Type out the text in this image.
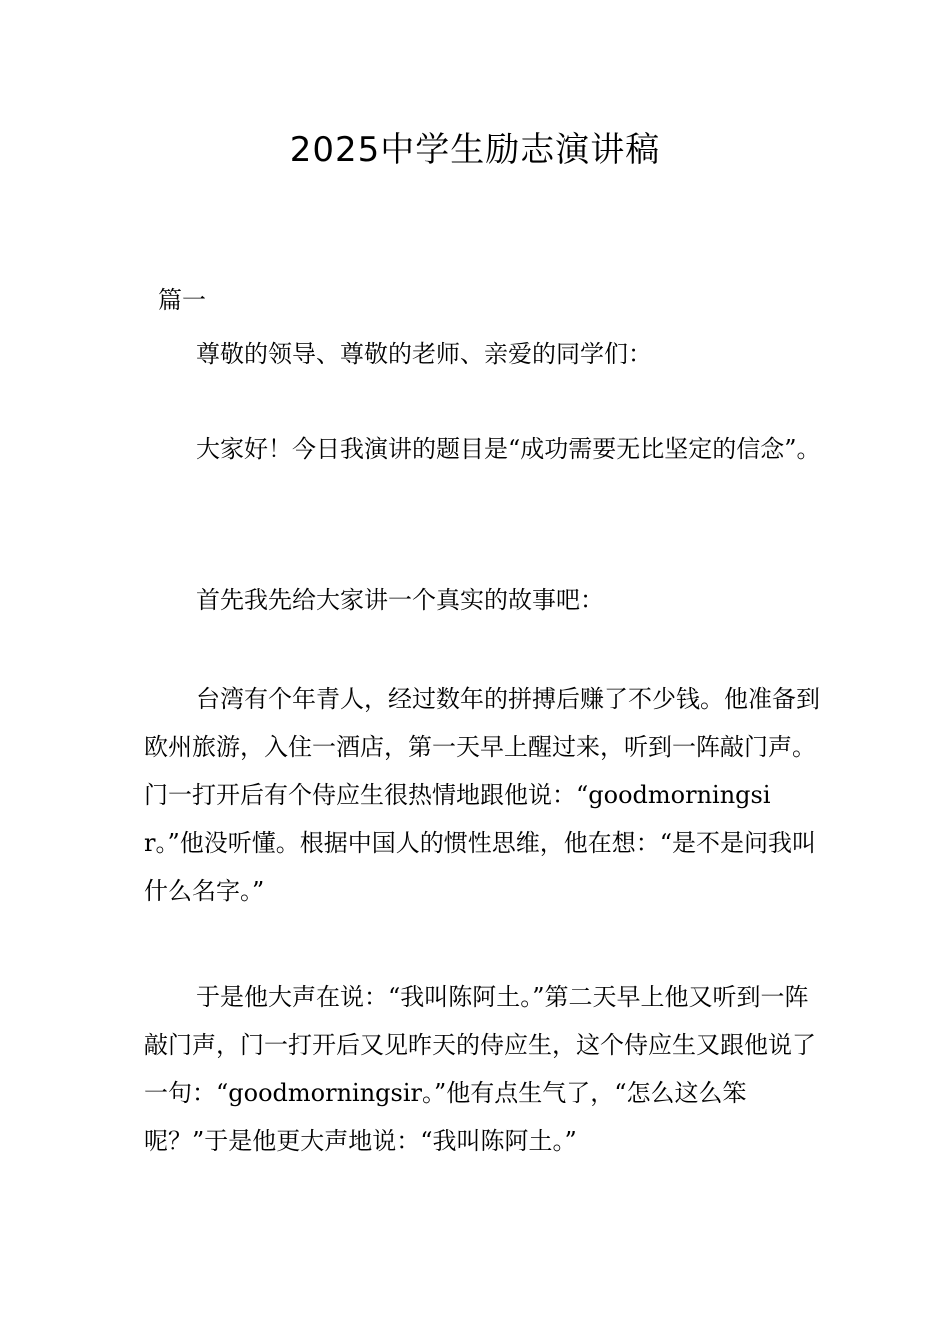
2025中学生励志演讲稿
篇一

尊敬的领导、尊敬的老师、亲爱的同学们：

大家好！今日我演讲的题目是“成功需要无比坚定的信念”。

首先我先给大家讲一个真实的故事吧：

台湾有个年青人，经过数年的拼搏后赚了不少钱。他准备到欧州旅游，入住一酒店，第一天早上醒过来，听到一阵敲门声。门一打开后有个侍应生很热情地跟他说：“goodmorningsir。”他没听懂。根据中国人的惯性思维，他在想：“是不是问我叫什么名字。”

于是他大声在说：“我叫陈阿土。”第二天早上他又听到一阵敲门声，门一打开后又见昨天的侍应生，这个侍应生又跟他说了一句：“goodmorningsir。”他有点生气了，“怎么这么笨呢？”于是他更大声地说：“我叫陈阿土。”
